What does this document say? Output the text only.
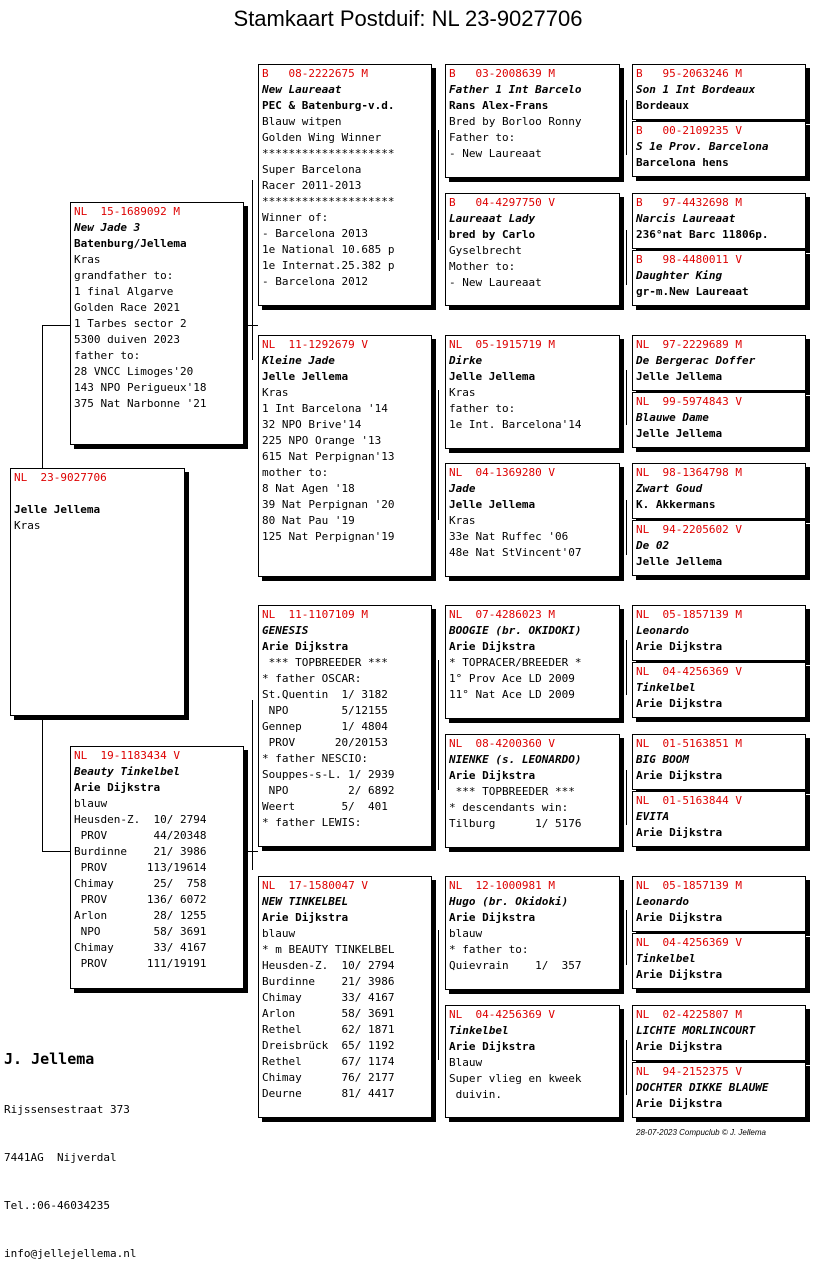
Stamkaart Postduif: NL 23-9027706
NL  23-9027706

Jelle Jellema
Kras
NL  15-1689092 M
New Jade 3
Batenburg/Jellema
Kras
grandfather to:
1 final Algarve
Golden Race 2021
1 Tarbes sector 2
5300 duiven 2023
father to:
28 VNCC Limoges'20
143 NPO Perigueux'18
375 Nat Narbonne '21
NL  19-1183434 V
Beauty Tinkelbel
Arie Dijkstra
blauw
Heusden-Z.  10/ 2794
PROV       44/20348
Burdinne    21/ 3986
PROV      113/19614
Chimay      25/  758
PROV      136/ 6072
Arlon       28/ 1255
NPO        58/ 3691
Chimay      33/ 4167
PROV      111/19191
B   08-2222675 M
New Laureaat
PEC & Batenburg-v.d.
Blauw witpen
Golden Wing Winner
********************
Super Barcelona
Racer 2011-2013
********************
Winner of:
- Barcelona 2013
1e National 10.685 p
1e Internat.25.382 p
- Barcelona 2012
NL  11-1292679 V
Kleine Jade
Jelle Jellema
Kras
1 Int Barcelona '14
32 NPO Brive'14
225 NPO Orange '13
615 Nat Perpignan'13
mother to:
8 Nat Agen '18
39 Nat Perpignan '20
80 Nat Pau '19
125 Nat Perpignan'19
NL  11-1107109 M
GENESIS
Arie Dijkstra
*** TOPBREEDER ***
* father OSCAR:
St.Quentin  1/ 3182
NPO        5/12155
Gennep      1/ 4804
PROV      20/20153
* father NESCIO:
Souppes-s-L. 1/ 2939
NPO         2/ 6892
Weert       5/  401
* father LEWIS:
NL  17-1580047 V
NEW TINKELBEL
Arie Dijkstra
blauw
* m BEAUTY TINKELBEL
Heusden-Z.  10/ 2794
Burdinne    21/ 3986
Chimay      33/ 4167
Arlon       58/ 3691
Rethel      62/ 1871
Dreisbrück  65/ 1192
Rethel      67/ 1174
Chimay      76/ 2177
Deurne      81/ 4417
B   03-2008639 M
Father 1 Int Barcelo
Rans Alex-Frans
Bred by Borloo Ronny
Father to:
- New Laureaat
B   04-4297750 V
Laureaat Lady
bred by Carlo
Gyselbrecht
Mother to:
- New Laureaat
NL  05-1915719 M
Dirke
Jelle Jellema
Kras
father to:
1e Int. Barcelona'14
NL  04-1369280 V
Jade
Jelle Jellema
Kras
33e Nat Ruffec '06
48e Nat StVincent'07
NL  07-4286023 M
BOOGIE (br. OKIDOKI)
Arie Dijkstra
* TOPRACER/BREEDER *
1° Prov Ace LD 2009
11° Nat Ace LD 2009
NL  08-4200360 V
NIENKE (s. LEONARDO)
Arie Dijkstra
*** TOPBREEDER ***
* descendants win:
Tilburg      1/ 5176
NL  12-1000981 M
Hugo (br. Okidoki)
Arie Dijkstra
blauw
* father to:
Quievrain    1/  357
NL  04-4256369 V
Tinkelbel
Arie Dijkstra
Blauw
Super vlieg en kweek
duivin.
B   95-2063246 M
Son 1 Int Bordeaux
Bordeaux
B   00-2109235 V
S 1e Prov. Barcelona
Barcelona hens
B   97-4432698 M
Narcis Laureaat
236°nat Barc 11806p.
B   98-4480011 V
Daughter King
gr-m.New Laureaat
NL  97-2229689 M
De Bergerac Doffer
Jelle Jellema
NL  99-5974843 V
Blauwe Dame
Jelle Jellema
NL  98-1364798 M
Zwart Goud
K. Akkermans
NL  94-2205602 V
De 02
Jelle Jellema
NL  05-1857139 M
Leonardo
Arie Dijkstra
NL  04-4256369 V
Tinkelbel
Arie Dijkstra
NL  01-5163851 M
BIG BOOM
Arie Dijkstra
NL  01-5163844 V
EVITA
Arie Dijkstra
NL  05-1857139 M
Leonardo
Arie Dijkstra
NL  04-4256369 V
Tinkelbel
Arie Dijkstra
NL  02-4225807 M
LICHTE MORLINCOURT
Arie Dijkstra
NL  94-2152375 V
DOCHTER DIKKE BLAUWE
Arie Dijkstra

J. Jellema

Rijssensestraat 373

7441AG  Nijverdal

Tel.:06-46034235

info@jellejellema.nl

28-07-2023 Compuclub © J. Jellema
